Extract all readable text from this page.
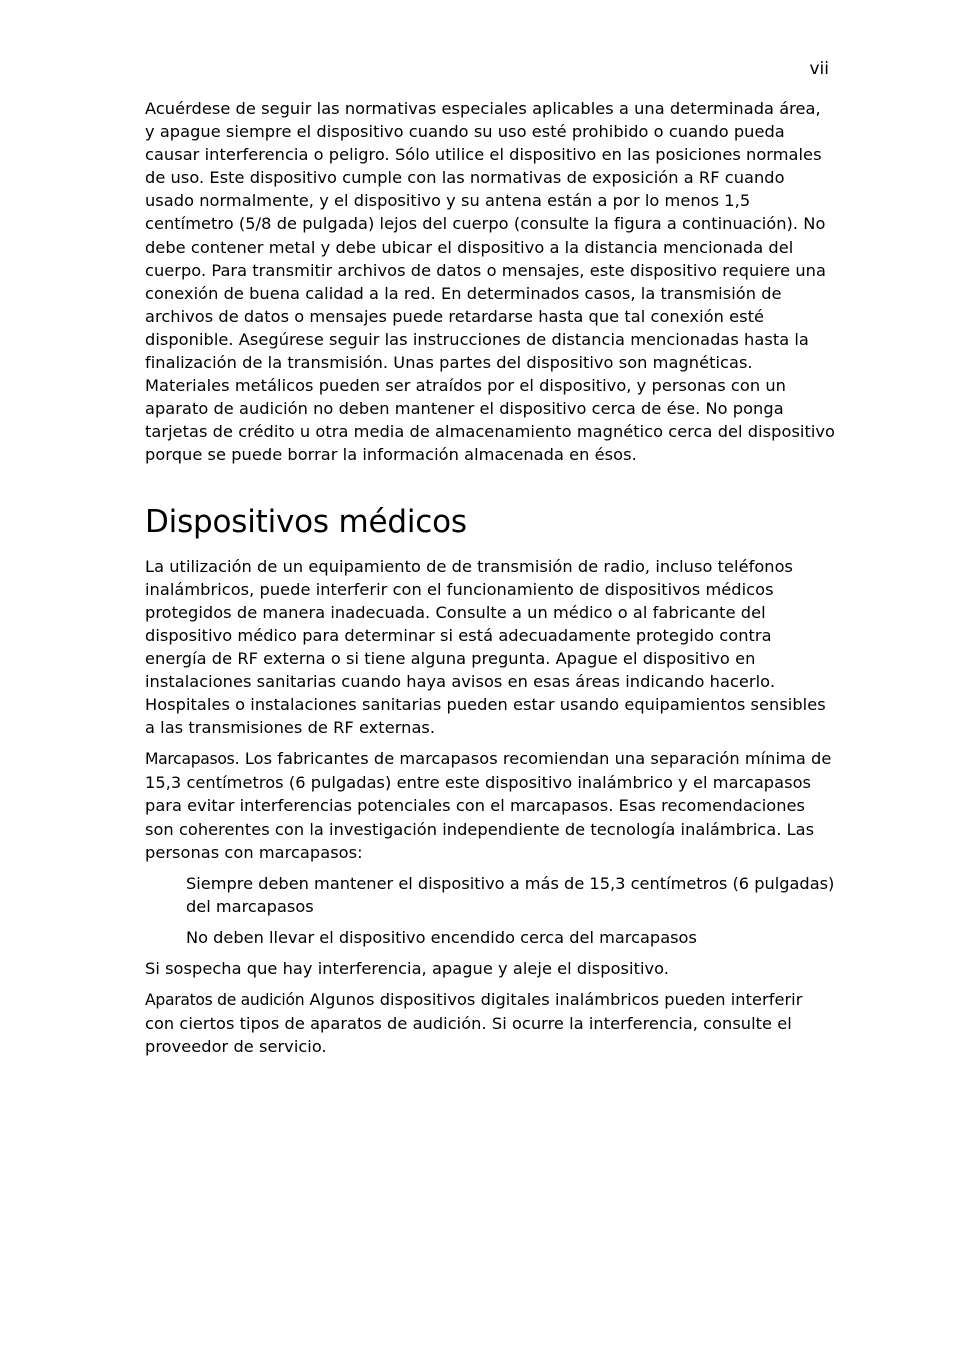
vii

Acuérdese de seguir las normativas especiales aplicables a una determinada área, y apague siempre el dispositivo cuando su uso esté prohibido o cuando pueda causar interferencia o peligro. Sólo utilice el dispositivo en las posiciones normales de uso. Este dispositivo cumple con las normativas de exposición a RF cuando usado normalmente, y el dispositivo y su antena están a por lo menos 1,5 centímetro (5/8 de pulgada) lejos del cuerpo (consulte la figura a continuación). No debe contener metal y debe ubicar el dispositivo a la distancia mencionada del cuerpo. Para transmitir archivos de datos o mensajes, este dispositivo requiere una conexión de buena calidad a la red. En determinados casos, la transmisión de archivos de datos o mensajes puede retardarse hasta que tal conexión esté disponible. Asegúrese seguir las instrucciones de distancia mencionadas hasta la finalización de la transmisión. Unas partes del dispositivo son magnéticas. Materiales metálicos pueden ser atraídos por el dispositivo, y personas con un aparato de audición no deben mantener el dispositivo cerca de ése. No ponga tarjetas de crédito u otra media de almacenamiento magnético cerca del dispositivo porque se puede borrar la información almacenada en ésos.

Dispositivos médicos

La utilización de un equipamiento de de transmisión de radio, incluso teléfonos inalámbricos, puede interferir con el funcionamiento de dispositivos médicos protegidos de manera inadecuada. Consulte a un médico o al fabricante del dispositivo médico para determinar si está adecuadamente protegido contra energía de RF externa o si tiene alguna pregunta. Apague el dispositivo en instalaciones sanitarias cuando haya avisos en esas áreas indicando hacerlo. Hospitales o instalaciones sanitarias pueden estar usando equipamientos sensibles a las transmisiones de RF externas.

Marcapasos. Los fabricantes de marcapasos recomiendan una separación mínima de 15,3 centímetros (6 pulgadas) entre este dispositivo inalámbrico y el marcapasos para evitar interferencias potenciales con el marcapasos. Esas recomendaciones son coherentes con la investigación independiente de tecnología inalámbrica. Las personas con marcapasos:

Siempre deben mantener el dispositivo a más de 15,3 centímetros (6 pulgadas) del marcapasos
No deben llevar el dispositivo encendido cerca del marcapasos

Si sospecha que hay interferencia, apague y aleje el dispositivo.

Aparatos de audición Algunos dispositivos digitales inalámbricos pueden interferir con ciertos tipos de aparatos de audición. Si ocurre la interferencia, consulte el proveedor de servicio.
